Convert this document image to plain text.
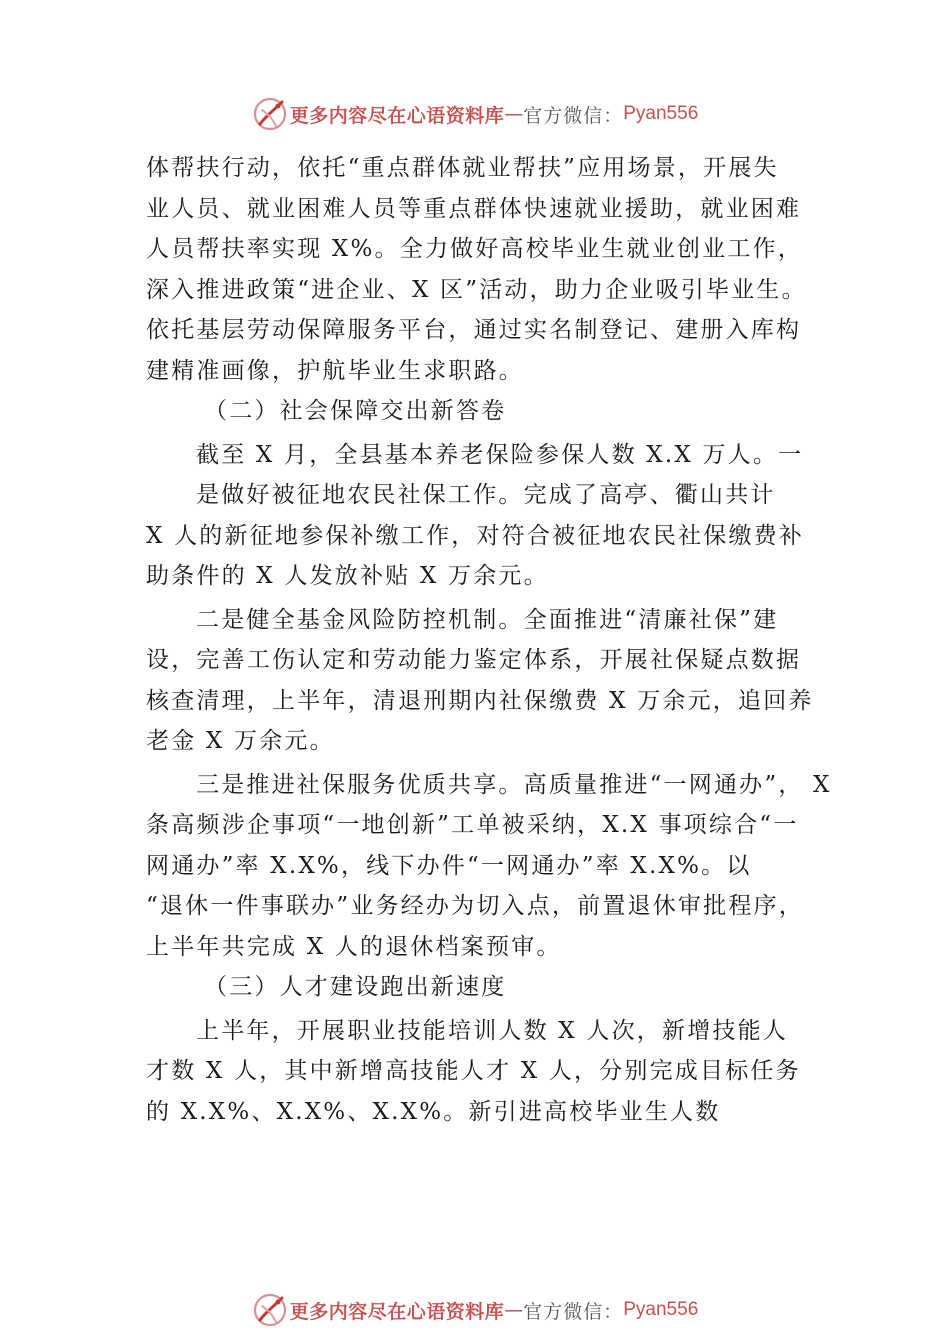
更多内容尽在心语资料库 — 官方微信： Pyan556
体帮扶行动，依托“重点群体就业帮扶”应用场景，开展失
业人员、就业困难人员等重点群体快速就业援助，就业困难
人员帮扶率实现 X%。全力做好高校毕业生就业创业工作，
深入推进政策“进企业、X 区”活动，助力企业吸引毕业生。
依托基层劳动保障服务平台，通过实名制登记、建册入库构
建精准画像，护航毕业生求职路。
（二）社会保障交出新答卷
截至 X 月，全县基本养老保险参保人数 X.X 万人。一
是做好被征地农民社保工作。完成了高亭、衢山共计
X 人的新征地参保补缴工作，对符合被征地农民社保缴费补
助条件的 X 人发放补贴 X 万余元。
二是健全基金风险防控机制。全面推进“清廉社保”建
设，完善工伤认定和劳动能力鉴定体系，开展社保疑点数据
核查清理，上半年，清退刑期内社保缴费 X 万余元，追回养
老金 X 万余元。
三是推进社保服务优质共享。高质量推进“一网通办”， X
条高频涉企事项“一地创新”工单被采纳，X.X 事项综合“一
网通办”率 X.X%，线下办件“一网通办”率 X.X%。以
“退休一件事联办”业务经办为切入点，前置退休审批程序，
上半年共完成 X 人的退休档案预审。
（三）人才建设跑出新速度
上半年，开展职业技能培训人数 X 人次，新增技能人
才数 X 人，其中新增高技能人才 X 人，分别完成目标任务
的 X.X%、X.X%、X.X%。新引进高校毕业生人数
更多内容尽在心语资料库 — 官方微信： Pyan556
